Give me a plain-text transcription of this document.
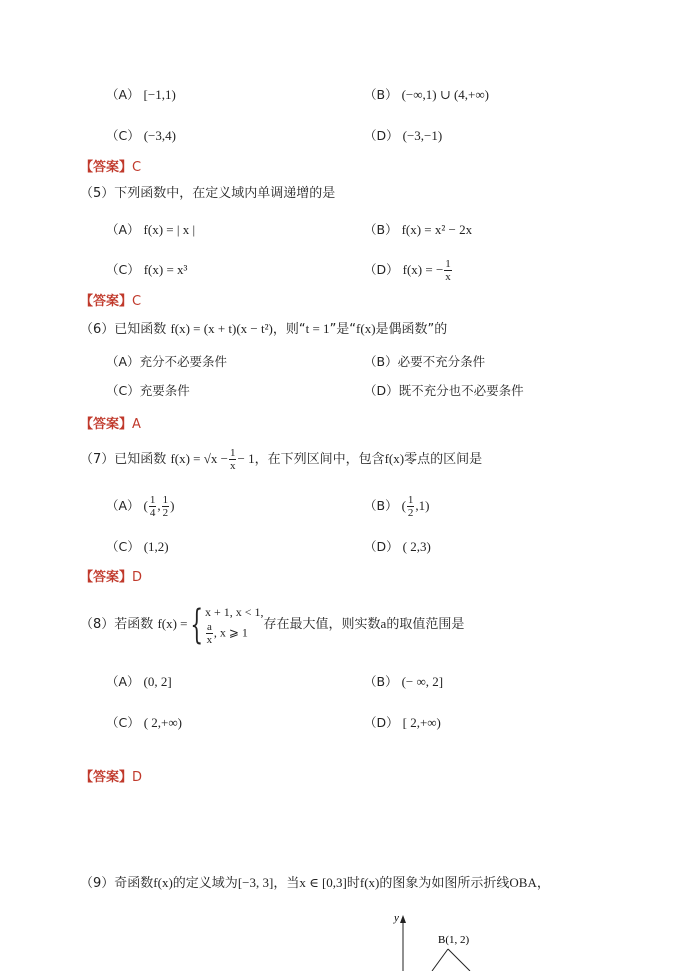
（A） [−1,1)	（B） (−∞,1) ∪ (4,+∞)
（C） (−3,4)	（D） (−3,−1)
【答案】C
（5）下列函数中，在定义域内单调递增的是
（A） f(x) = | x |	（B） f(x) = x² − 2x
（C） f(x) = x³	（D） f(x) = − $\frac{1}{x}$
【答案】C
（6）已知函数 f(x) = (x + t)(x − t²)，则“t = 1”是“f(x)是偶函数”的
（A）充分不必要条件	（B）必要不充分条件
（C）充要条件	（D）既不充分也不必要条件
【答案】A
（7）已知函数 $f(x) = √x - \frac{1}{x} - 1$，在下列区间中，包含f(x)零点的区间是
（A） ( $\frac{1}{4}$ , $\frac{1}{2}$ )	（B） ( $\frac{1}{2} ,1$)
（C） (1,2)	（D） ( 2,3)
【答案】D
（8）若函数 f(x) ={ x + 1, x < 1,
$\frac{a}{x}$ , x ⩾ 1
存在最大值，则实数a的取值范围是
（A） (0, 2]	（B） (− ∞, 2]
（C） ( 2,+∞)	（D） [ 2,+∞)
【答案】D
（9）奇函数f(x)的定义域为[−3, 3]，当x ∈ [0,3]时f(x)的图象为如图所示折线OBA，
y
B(1, 2)
